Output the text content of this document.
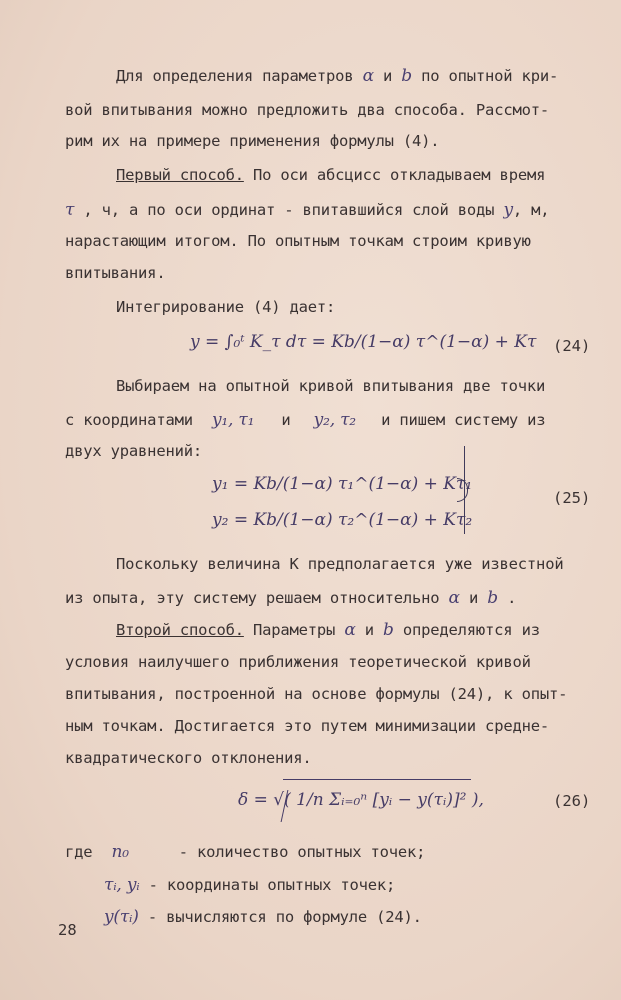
Для определения параметров α и b по опытной кри-
вой впитывания можно предложить два способа. Рассмот-
рим их на примере применения формулы (4).
Первый способ. По оси абсцисс откладываем время
τ , ч, а по оси ординат - впитавшийся слой воды y, м,
нарастающим итогом. По опытным точкам строим кривую
впитывания.
Интегрирование (4) дает:
y = ∫₀ᵗ K_τ dτ = Kb/(1−α) τ^(1−α) + Kτ (24)
Выбираем на опытной кривой впитывания две точки
с координатами y₁, τ₁ и y₂, τ₂ и пишем систему из
двух уравнений:
y₁ = Kb/(1−α) τ₁^(1−α) + Kτ₁
y₂ = Kb/(1−α) τ₂^(1−α) + Kτ₂
(25)
Поскольку величина К предполагается уже известной
из опыта, эту систему решаем относительно α и b .
Второй способ. Параметры α и b определяются из
условия наилучшего приближения теоретической кривой
впитывания, построенной на основе формулы (24), к опыт-
ным точкам. Достигается это путем минимизации средне-
квадратического отклонения.
δ = √( 1/n Σᵢ₌₀ⁿ [yᵢ − y(τᵢ)]² ),	(26)
где n₀	- количество опытных точек;
τᵢ, yᵢ - координаты опытных точек;
y(τᵢ) - вычисляются по формуле (24).
28
